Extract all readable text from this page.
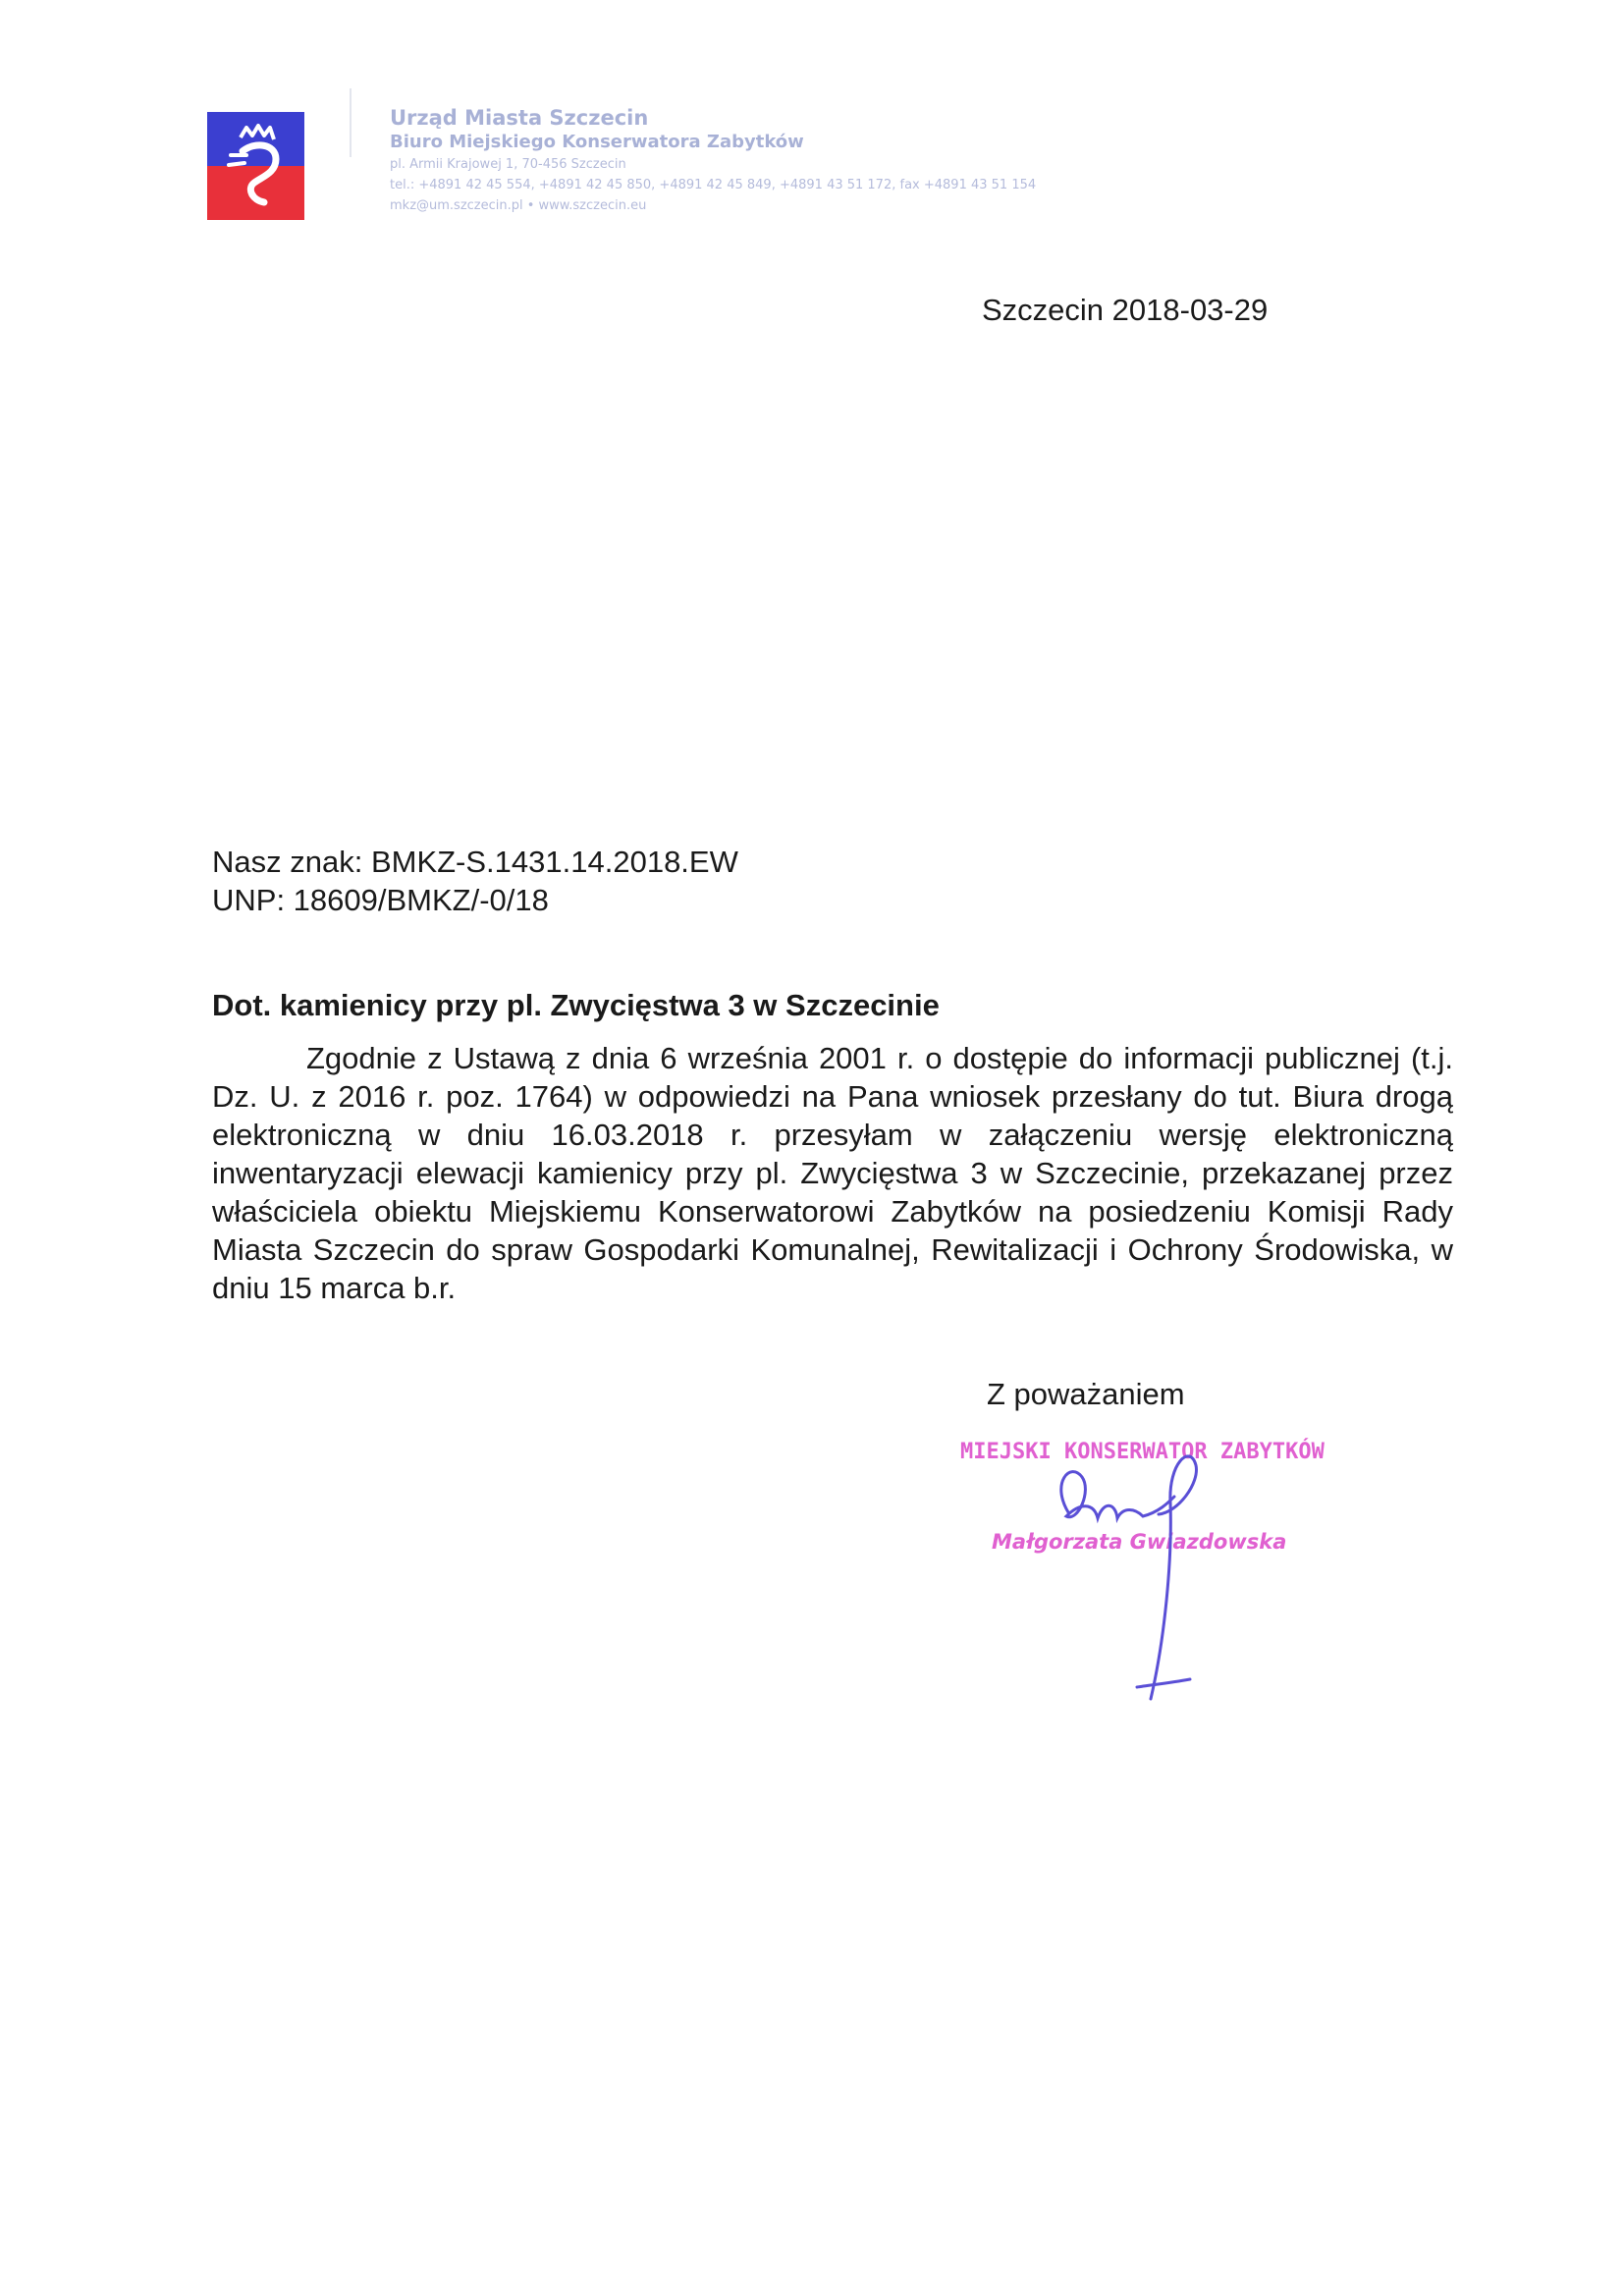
Urząd Miasta Szczecin
Biuro Miejskiego Konserwatora Zabytków
pl. Armii Krajowej 1, 70-456 Szczecin
tel.: +4891 42 45 554, +4891 42 45 850, +4891 42 45 849, +4891 43 51 172, fax +4891 43 51 154
mkz@um.szczecin.pl • www.szczecin.eu
Szczecin 2018-03-29
Nasz znak: BMKZ-S.1431.14.2018.EW
UNP: 18609/BMKZ/-0/18
Dot. kamienicy przy pl. Zwycięstwa 3 w Szczecinie
Zgodnie z Ustawą z dnia 6 września 2001 r. o dostępie do informacji publicznej (t.j. Dz. U. z 2016 r. poz. 1764) w odpowiedzi na Pana wniosek przesłany do tut. Biura drogą elektroniczną w dniu 16.03.2018 r. przesyłam w załączeniu wersję elektroniczną inwentaryzacji elewacji kamienicy przy pl. Zwycięstwa 3 w Szczecinie, przekazanej przez właściciela obiektu Miejskiemu Konserwatorowi Zabytków na posiedzeniu Komisji Rady Miasta Szczecin do spraw Gospodarki Komunalnej, Rewitalizacji i Ochrony Środowiska, w dniu 15 marca b.r.
Z poważaniem
MIEJSKI KONSERWATOR ZABYTKÓW
Małgorzata Gwiazdowska
